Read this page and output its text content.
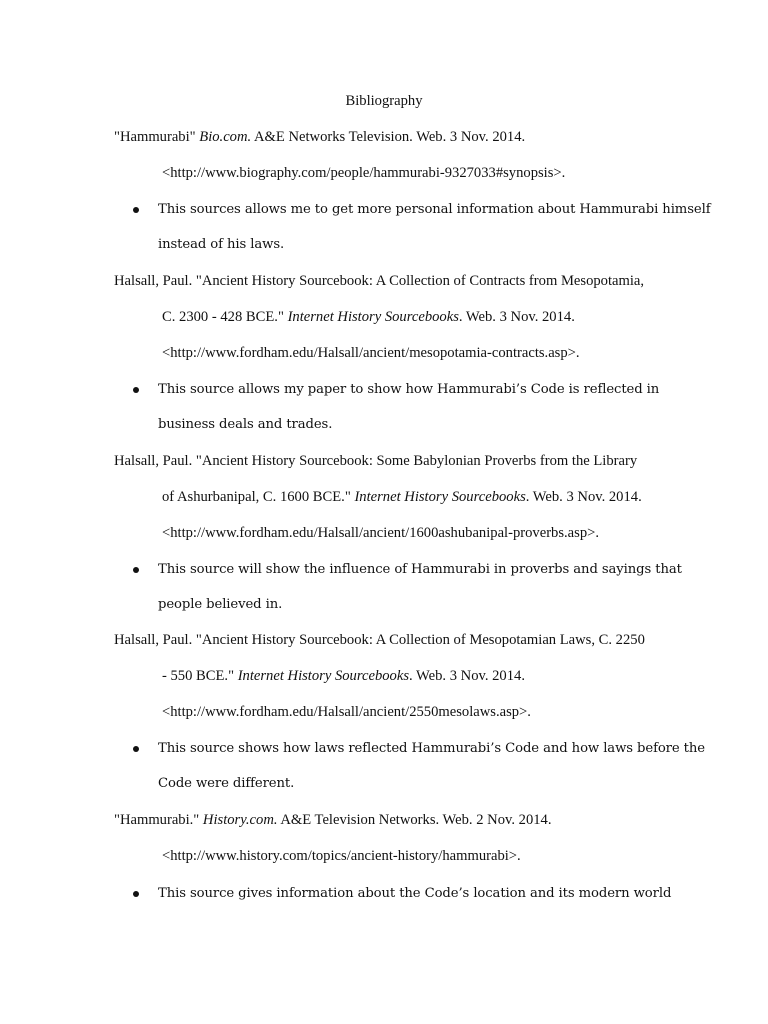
Bibliography
"Hammurabi" Bio.com. A&E Networks Television. Web. 3 Nov. 2014.
<http://www.biography.com/people/hammurabi-9327033#synopsis>.
This sources allows me to get more personal information about Hammurabi himself
instead of his laws.
Halsall, Paul. "Ancient History Sourcebook: A Collection of Contracts from Mesopotamia,
C. 2300 - 428 BCE." Internet History Sourcebooks. Web. 3 Nov. 2014.
<http://www.fordham.edu/Halsall/ancient/mesopotamia-contracts.asp>.
This source allows my paper to show how Hammurabi’s Code is reflected in
business deals and trades.
Halsall, Paul. "Ancient History Sourcebook: Some Babylonian Proverbs from the Library
of Ashurbanipal, C. 1600 BCE." Internet History Sourcebooks. Web. 3 Nov. 2014.
<http://www.fordham.edu/Halsall/ancient/1600ashubanipal-proverbs.asp>.
This source will show the influence of Hammurabi in proverbs and sayings that
people believed in.
Halsall, Paul. "Ancient History Sourcebook: A Collection of Mesopotamian Laws, C. 2250
- 550 BCE." Internet History Sourcebooks. Web. 3 Nov. 2014.
<http://www.fordham.edu/Halsall/ancient/2550mesolaws.asp>.
This source shows how laws reflected Hammurabi’s Code and how laws before the
Code were different.
"Hammurabi." History.com. A&E Television Networks. Web. 2 Nov. 2014.
<http://www.history.com/topics/ancient-history/hammurabi>.
This source gives information about the Code’s location and its modern world
